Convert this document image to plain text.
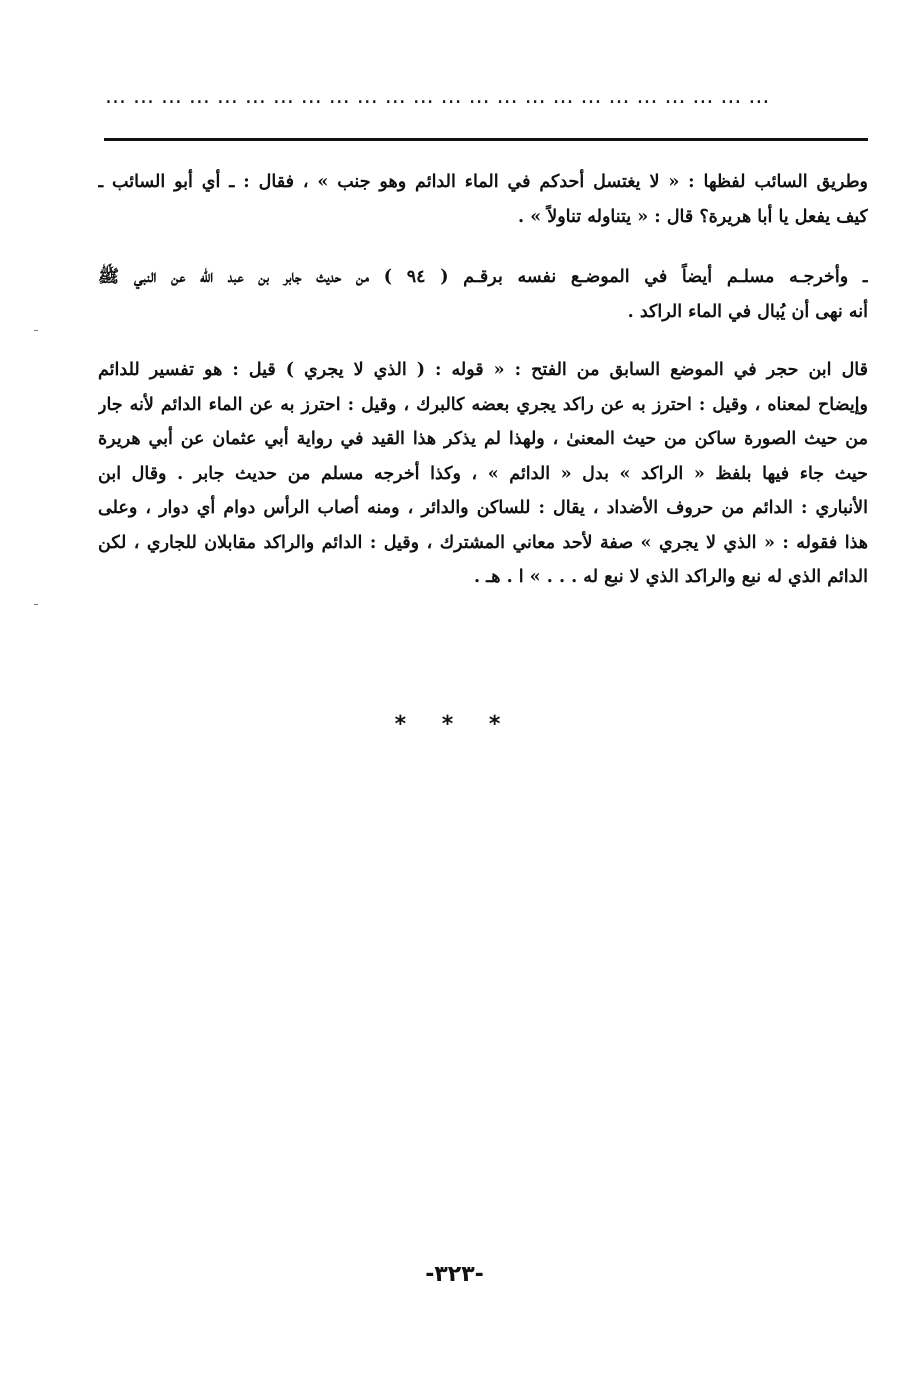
... ... ... ... ... ... ... ... ... ... ... ... ... ... ... ... ... ... ... ... ... ... ... ...
وطريق السائب لفظها : « لا يغتسل أحدكم في الماء الدائم وهو جنب » ، فقال : ـ أي أبو السائب ـ
كيف يفعل يا أبا هريرة؟ قال : « يتناوله تناولاً » .
ـ وأخرجـه مسلـم أيضاً في الموضـع نفسه برقـم ( ٩٤ ) من حديث جابر بن عبد الله عن النبي ﷺ
أنه نهى أن يُبال في الماء الراكد .
قال ابن حجر في الموضع السابق من الفتح : « قوله : ( الذي لا يجري ) قيل : هو تفسير للدائم
وإيضاح لمعناه ، وقيل : احترز به عن راكد يجري بعضه كالبرك ، وقيل : احترز به عن الماء الدائم لأنه جار
من حيث الصورة ساكن من حيث المعنىٰ ، ولهذا لم يذكر هذا القيد في رواية أبي عثمان عن أبي هريرة
حيث جاء فيها بلفظ « الراكد » بدل « الدائم » ، وكذا أخرجه مسلم من حديث جابر . وقال ابن
الأنباري : الدائم من حروف الأضداد ، يقال : للساكن والدائر ، ومنه أصاب الرأس دوام أي دوار ، وعلى
هذا فقوله : « الذي لا يجري » صفة لأحد معاني المشترك ، وقيل : الدائم والراكد مقابلان للجاري ، لكن
الدائم الذي له نبع والراكد الذي لا نبع له . . . » ا . هـ .
* * *
-٣٢٣-
